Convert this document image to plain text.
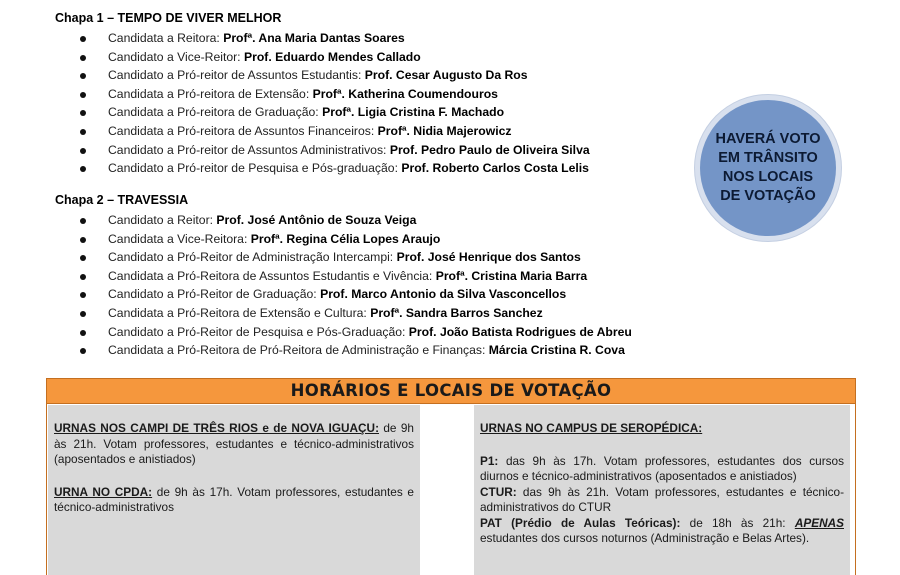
Chapa 1 – TEMPO DE VIVER MELHOR
Candidata a Reitora: Profª. Ana Maria Dantas Soares
Candidato a Vice-Reitor: Prof. Eduardo Mendes Callado
Candidato a Pró-reitor de Assuntos Estudantis: Prof. Cesar Augusto Da Ros
Candidata a Pró-reitora de Extensão: Profª. Katherina Coumendouros
Candidata a Pró-reitora de Graduação: Profª. Ligia Cristina F. Machado
Candidata a Pró-reitora de Assuntos Financeiros: Profª. Nidia Majerowicz
Candidato a Pró-reitor de Assuntos Administrativos: Prof. Pedro Paulo de Oliveira Silva
Candidato a Pró-reitor de Pesquisa e Pós-graduação: Prof. Roberto Carlos Costa Lelis
Chapa 2 – TRAVESSIA
Candidato a Reitor: Prof. José Antônio de Souza Veiga
Candidata a Vice-Reitora: Profª. Regina Célia Lopes Araujo
Candidato a Pró-Reitor de Administração Intercampi: Prof. José Henrique dos Santos
Candidata a Pró-Reitora de Assuntos Estudantis e Vivência: Profª. Cristina Maria Barra
Candidato a Pró-Reitor de Graduação: Prof. Marco Antonio da Silva Vasconcellos
Candidata a Pró-Reitora de Extensão e Cultura: Profª. Sandra Barros Sanchez
Candidato a Pró-Reitor de Pesquisa e Pós-Graduação: Prof. João Batista Rodrigues de Abreu
Candidata a Pró-Reitora de Pró-Reitora de Administração e Finanças: Márcia Cristina R. Cova
HAVERÁ VOTO EM TRÂNSITO NOS LOCAIS DE VOTAÇÃO
HORÁRIOS E LOCAIS DE VOTAÇÃO

URNAS NOS CAMPI DE TRÊS RIOS e de NOVA IGUAÇU: de 9h às 21h. Votam professores, estudantes e técnico-administrativos (aposentados e anistiados)

URNA NO CPDA: de 9h às 17h. Votam professores, estudantes e técnico-administrativos

URNAS NO CAMPUS DE SEROPÉDICA:

P1: das 9h às 17h. Votam professores, estudantes dos cursos diurnos e técnico-administrativos (aposentados e anistiados)

CTUR: das 9h às 21h. Votam professores, estudantes e técnico-administrativos do CTUR

PAT (Prédio de Aulas Teóricas): de 18h às 21h: APENAS estudantes dos cursos noturnos (Administração e Belas Artes).
